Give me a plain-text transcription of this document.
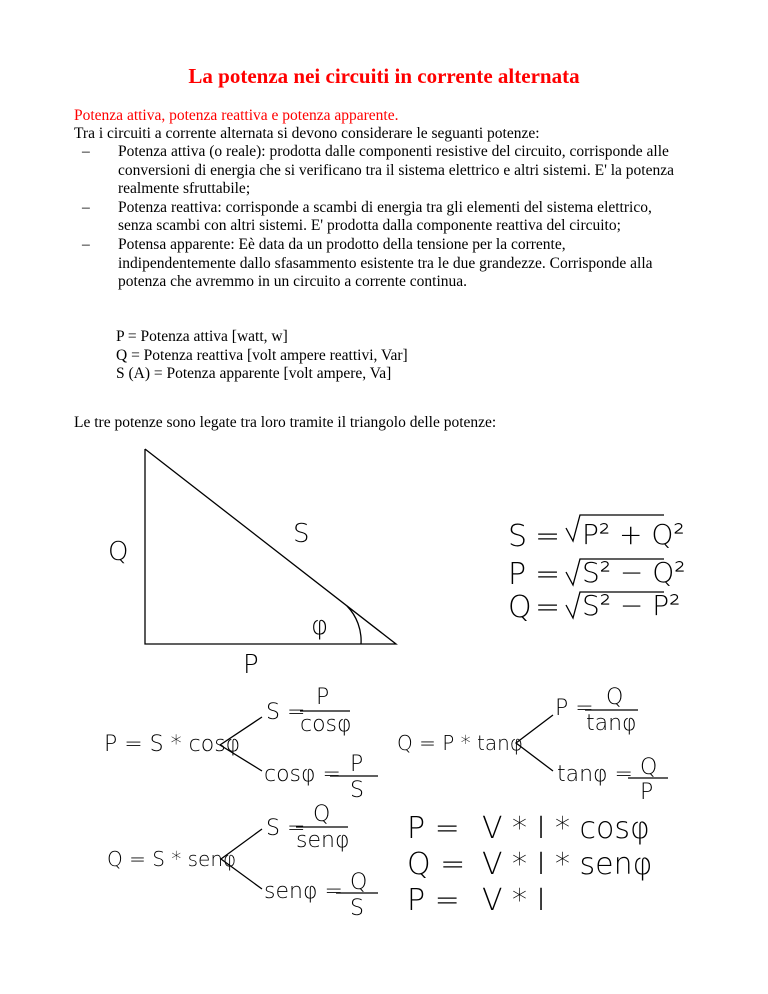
La potenza nei circuiti in corrente alternata
Potenza attiva, potenza reattiva e potenza apparente.
Tra i circuiti a corrente alternata si devono considerare le seguanti potenze:
– Potenza attiva (o reale): prodotta dalle componenti resistive del circuito, corrisponde alle conversioni di energia che si verificano tra il sistema elettrico e altri sistemi. E' la potenza realmente sfruttabile;
– Potenza reattiva: corrisponde a scambi di energia tra gli elementi del sistema elettrico, senza scambi con altri sistemi. E' prodotta dalla componente reattiva del circuito;
– Potensa apparente: Eè data da un prodotto della tensione per la corrente, indipendentemente dallo sfasammento esistente tra le due grandezze. Corrisponde alla potenza che avremmo in un circuito a corrente continua.
P = Potenza attiva [watt, w]
Q = Potenza reattiva [volt ampere reattivi, Var]
S (A) = Potenza apparente [volt ampere, Va]
Le tre potenze sono legate tra loro tramite il triangolo delle potenze:
Q
S
P
φ
S = P² + Q²
P = S² − Q²
Q = S² − P²
P = S * cosφ
S =
P
cosφ
cosφ = P
S
Q = P * tanφ
P = Q
tanφ
tanφ = Q
P
Q = S * senφ
S =
Q
senφ
senφ = Q
S
P = V * I * cosφ
Q = V * I * senφ
P = V * I
